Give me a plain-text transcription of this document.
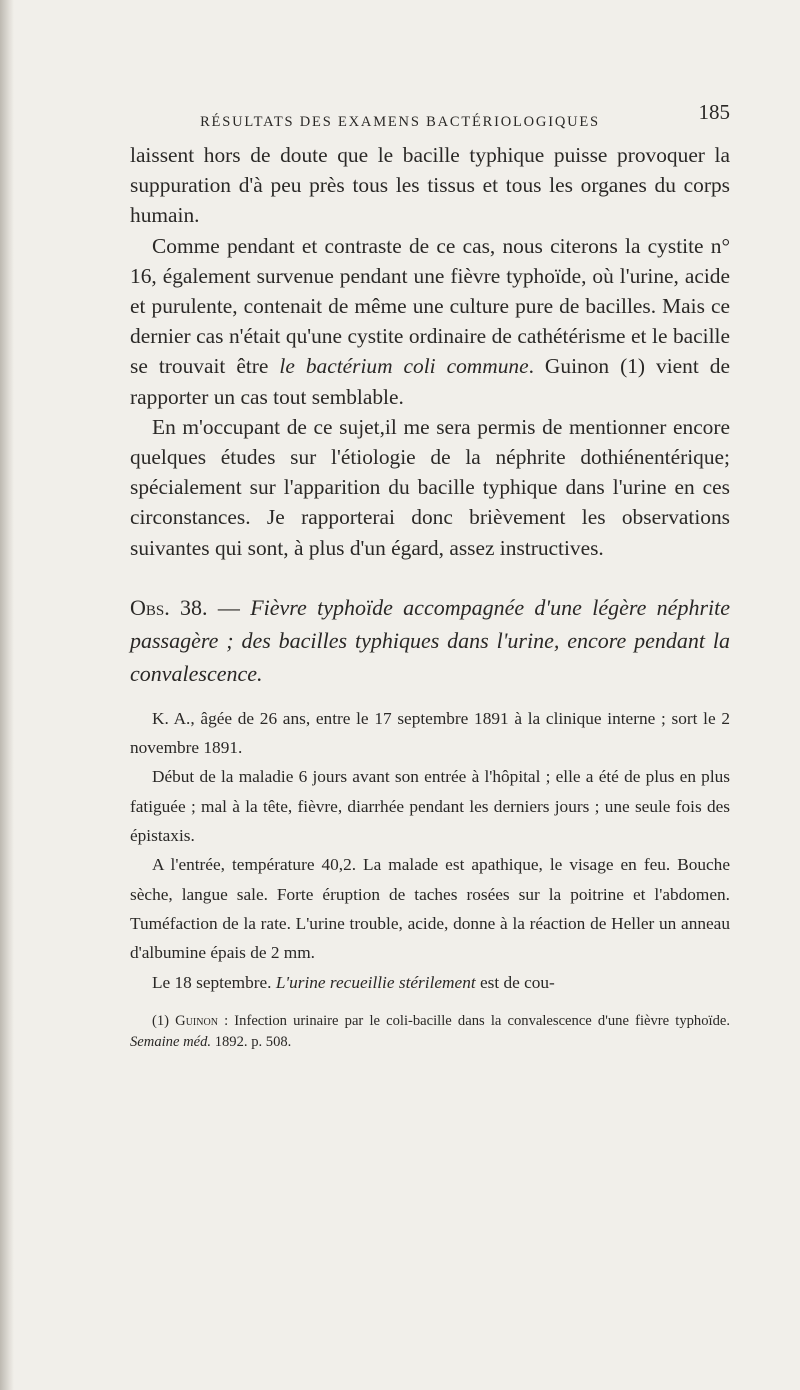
RÉSULTATS DES EXAMENS BACTÉRIOLOGIQUES	185

laissent hors de doute que le bacille typhique puisse provoquer la suppuration d'à peu près tous les tissus et tous les organes du corps humain.

Comme pendant et contraste de ce cas, nous citerons la cystite n° 16, également survenue pendant une fièvre typhoïde, où l'urine, acide et purulente, contenait de même une culture pure de bacilles. Mais ce dernier cas n'était qu'une cystite ordinaire de cathétérisme et le bacille se trouvait être le bactérium coli commune. Guinon (1) vient de rapporter un cas tout semblable.

En m'occupant de ce sujet,il me sera permis de mentionner encore quelques études sur l'étiologie de la néphrite dothiénentérique; spécialement sur l'apparition du bacille typhique dans l'urine en ces circonstances. Je rapporterai donc brièvement les observations suivantes qui sont, à plus d'un égard, assez instructives.

Obs. 38. — Fièvre typhoïde accompagnée d'une légère néphrite passagère ; des bacilles typhiques dans l'urine, encore pendant la convalescence.

K. A., âgée de 26 ans, entre le 17 septembre 1891 à la clinique interne ; sort le 2 novembre 1891.

Début de la maladie 6 jours avant son entrée à l'hôpital ; elle a été de plus en plus fatiguée ; mal à la tête, fièvre, diarrhée pendant les derniers jours ; une seule fois des épistaxis.

A l'entrée, température 40,2. La malade est apathique, le visage en feu. Bouche sèche, langue sale. Forte éruption de taches rosées sur la poitrine et l'abdomen. Tuméfaction de la rate. L'urine trouble, acide, donne à la réaction de Heller un anneau d'albumine épais de 2 mm.

Le 18 septembre. L'urine recueillie stérilement est de cou-

(1) Guinon : Infection urinaire par le coli-bacille dans la convalescence d'une fièvre typhoïde. Semaine méd. 1892. p. 508.
